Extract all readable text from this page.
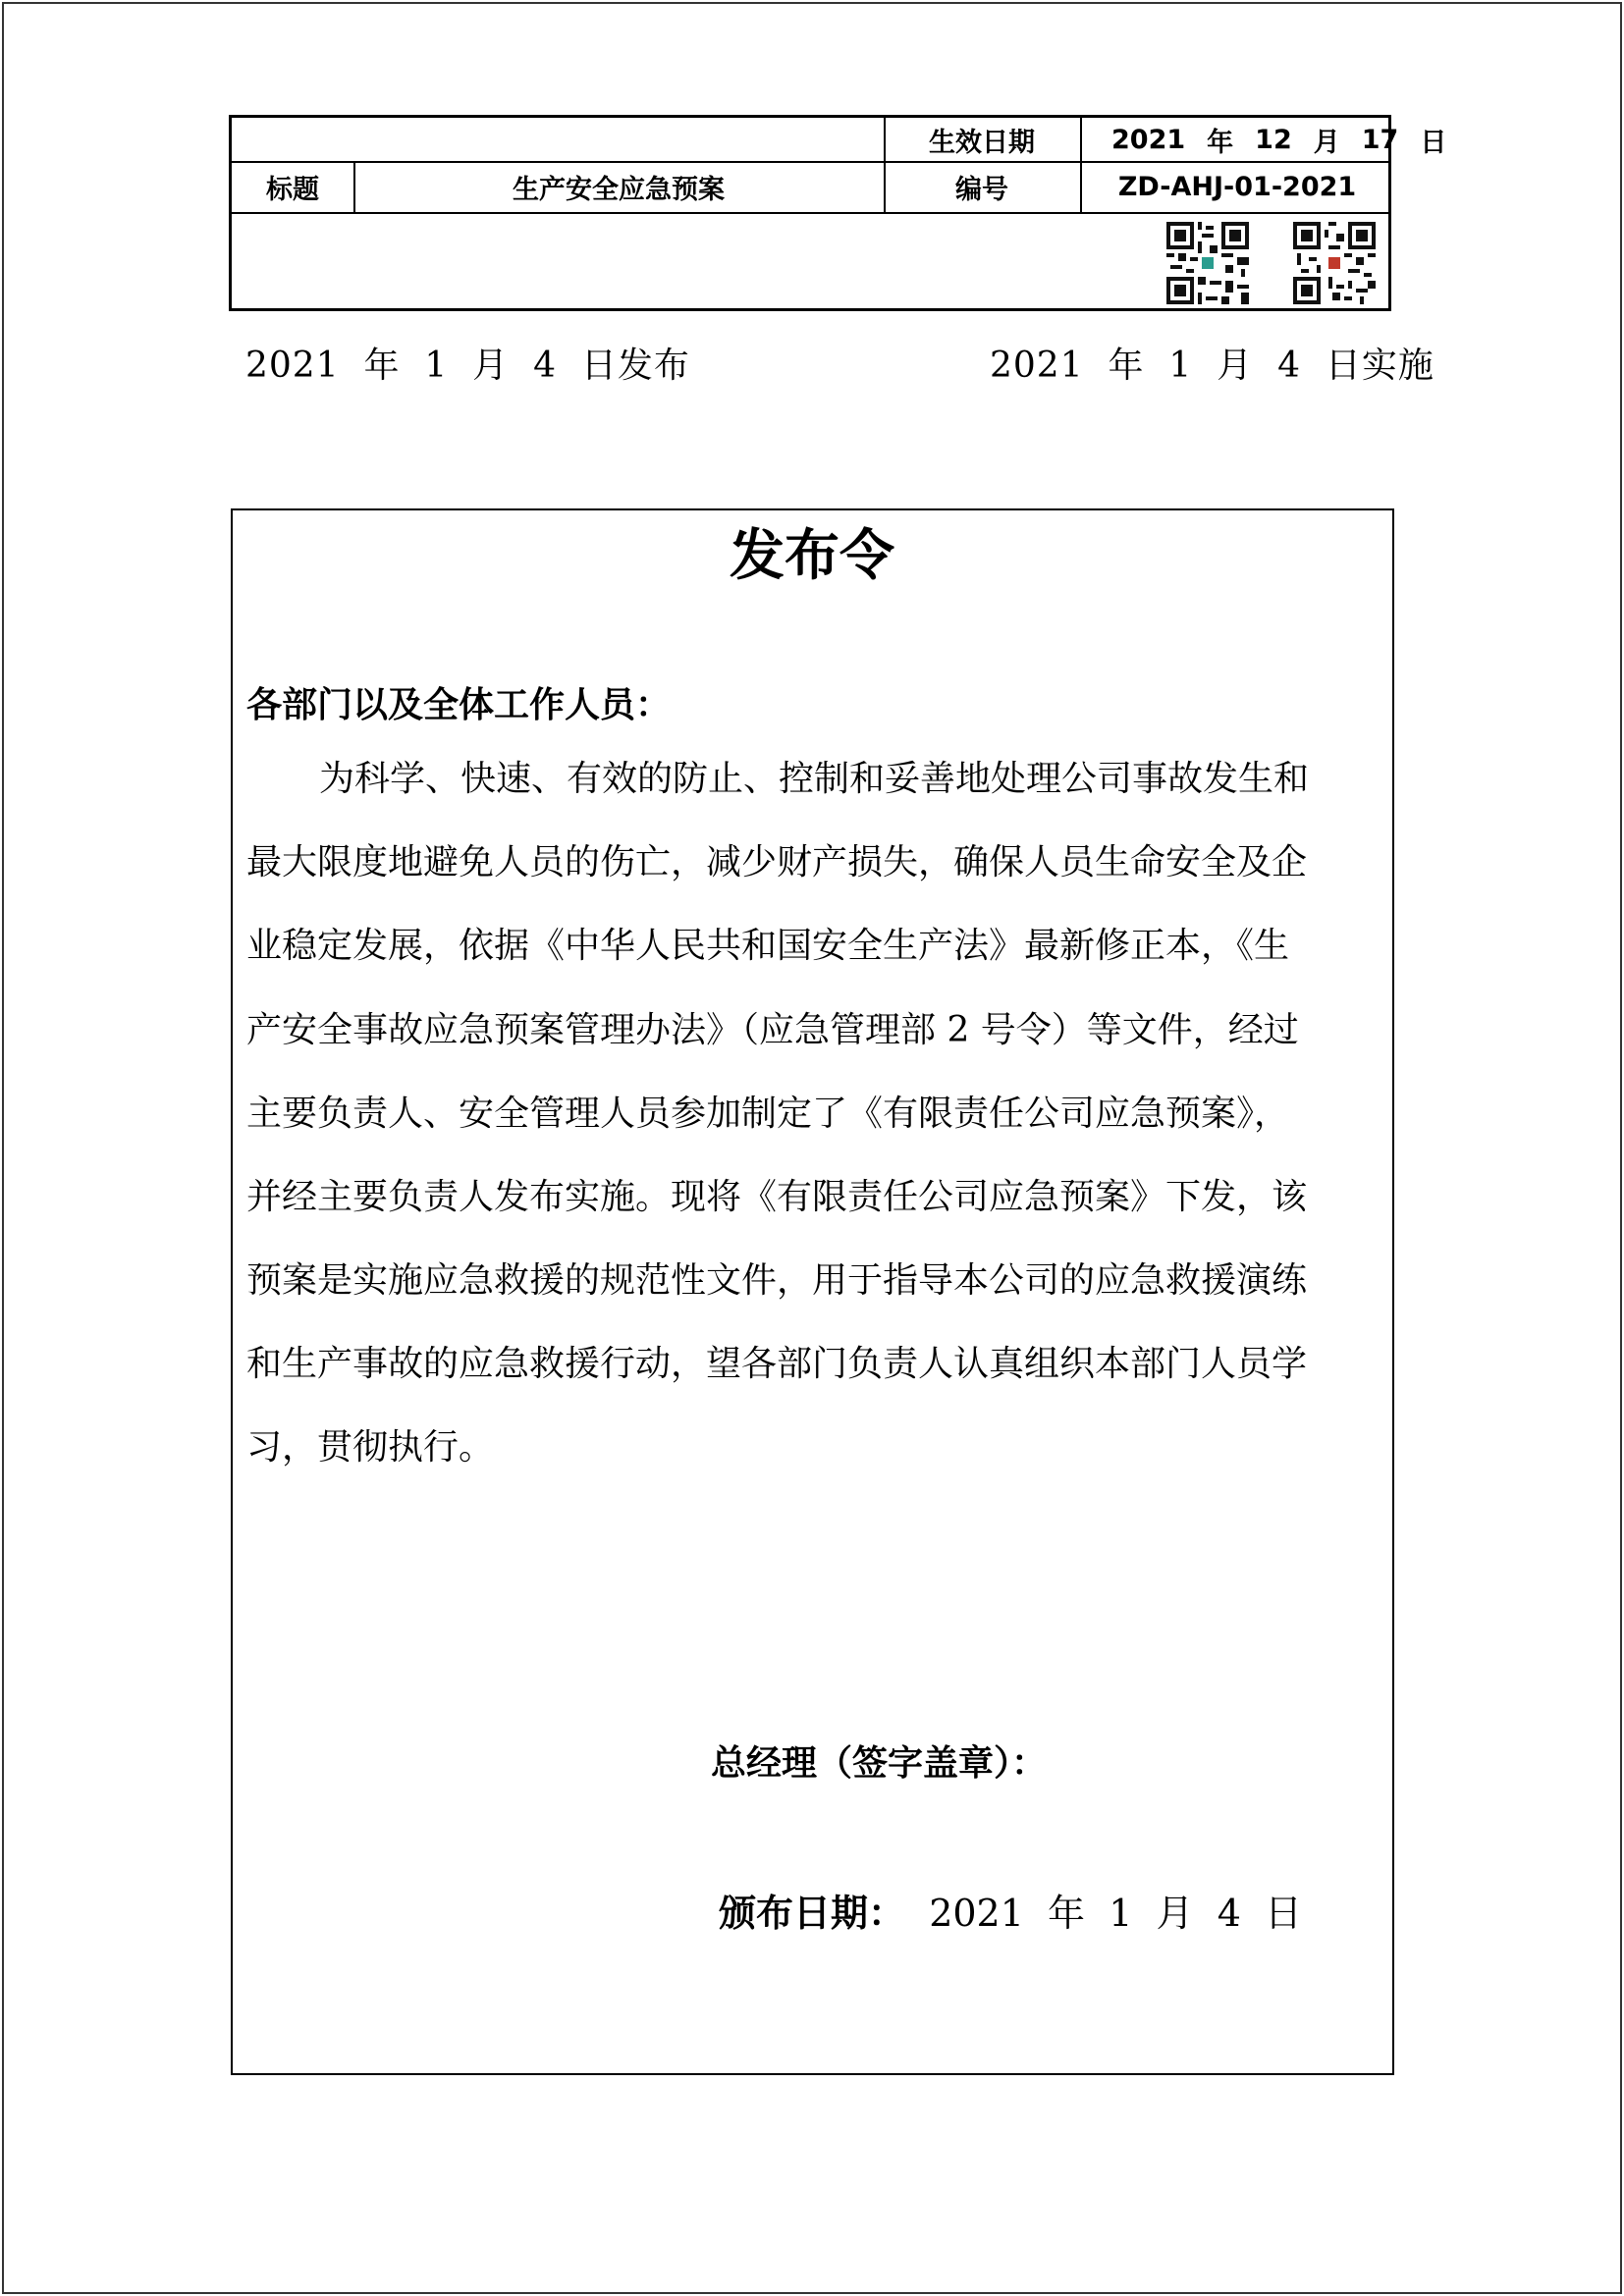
生效日期	2021 年 12 月 17 日
标题	生产安全应急预案	编号	ZD-AHJ-01-2021
2021  年  1  月  4  日发布	2021  年  1  月  4  日实施
发布令
各部门以及全体工作人员：
为科学、快速、有效的防止、控制和妥善地处理公司事故发生和
最大限度地避免人员的伤亡，减少财产损失，确保人员生命安全及企
业稳定发展，依据《中华人民共和国安全生产法》最新修正本，《生
产安全事故应急预案管理办法》（应急管理部 2 号令）等文件，经过
主要负责人、安全管理人员参加制定了《有限责任公司应急预案》，
并经主要负责人发布实施。现将《有限责任公司应急预案》下发，该
预案是实施应急救援的规范性文件，用于指导本公司的应急救援演练
和生产事故的应急救援行动，望各部门负责人认真组织本部门人员学
习，贯彻执行。
总经理（签字盖章）：
颁布日期： 2021  年  1  月  4  日
